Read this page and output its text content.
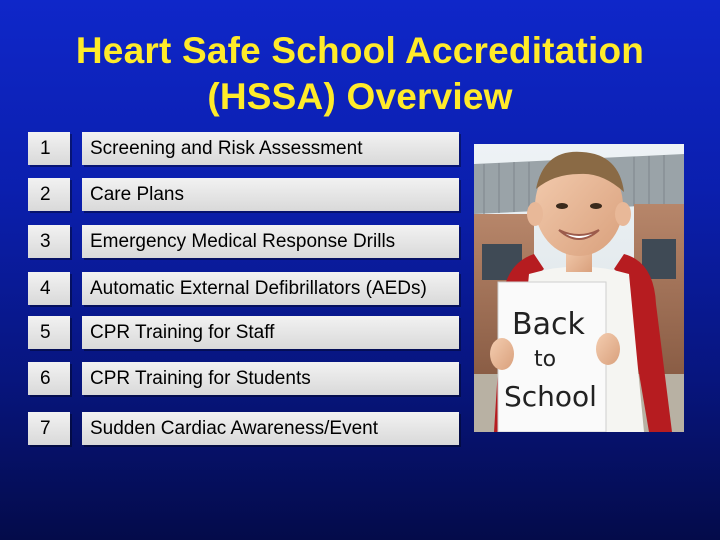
Heart Safe School Accreditation
(HSSA) Overview
1	Screening and Risk Assessment
2	Care Plans
3	Emergency Medical Response Drills
4	Automatic External Defibrillators (AEDs)
5	CPR Training for Staff
6	CPR Training for Students
7	Sudden Cardiac Awareness/Event
Back
to
School
